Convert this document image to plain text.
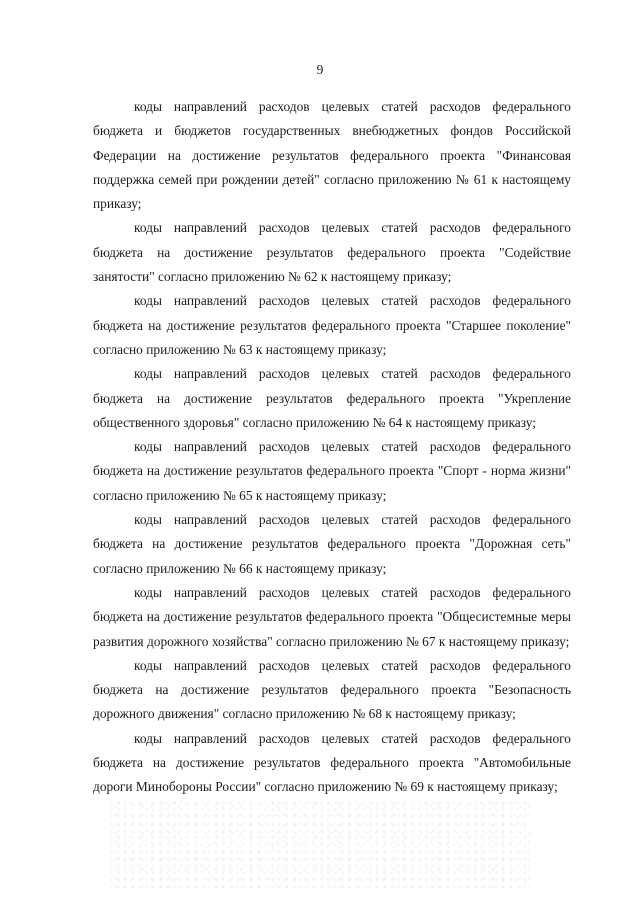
9

коды направлений расходов целевых статей расходов федерального бюджета и бюджетов государственных внебюджетных фондов Российской Федерации на достижение результатов федерального проекта "Финансовая поддержка семей при рождении детей" согласно приложению № 61 к настоящему приказу;

коды направлений расходов целевых статей расходов федерального бюджета на достижение результатов федерального проекта "Содействие занятости" согласно приложению № 62 к настоящему приказу;

коды направлений расходов целевых статей расходов федерального бюджета на достижение результатов федерального проекта "Старшее поколение" согласно приложению № 63 к настоящему приказу;

коды направлений расходов целевых статей расходов федерального бюджета на достижение результатов федерального проекта "Укрепление общественного здоровья" согласно приложению № 64 к настоящему приказу;

коды направлений расходов целевых статей расходов федерального бюджета на достижение результатов федерального проекта "Спорт - норма жизни" согласно приложению № 65 к настоящему приказу;

коды направлений расходов целевых статей расходов федерального бюджета на достижение результатов федерального проекта "Дорожная сеть" согласно приложению № 66 к настоящему приказу;

коды направлений расходов целевых статей расходов федерального бюджета на достижение результатов федерального проекта "Общесистемные меры развития дорожного хозяйства" согласно приложению № 67 к настоящему приказу;

коды направлений расходов целевых статей расходов федерального бюджета на достижение результатов федерального проекта "Безопасность дорожного движения" согласно приложению № 68 к настоящему приказу;

коды направлений расходов целевых статей расходов федерального бюджета на достижение результатов федерального проекта "Автомобильные дороги Минобороны России" согласно приложению № 69 к настоящему приказу;
